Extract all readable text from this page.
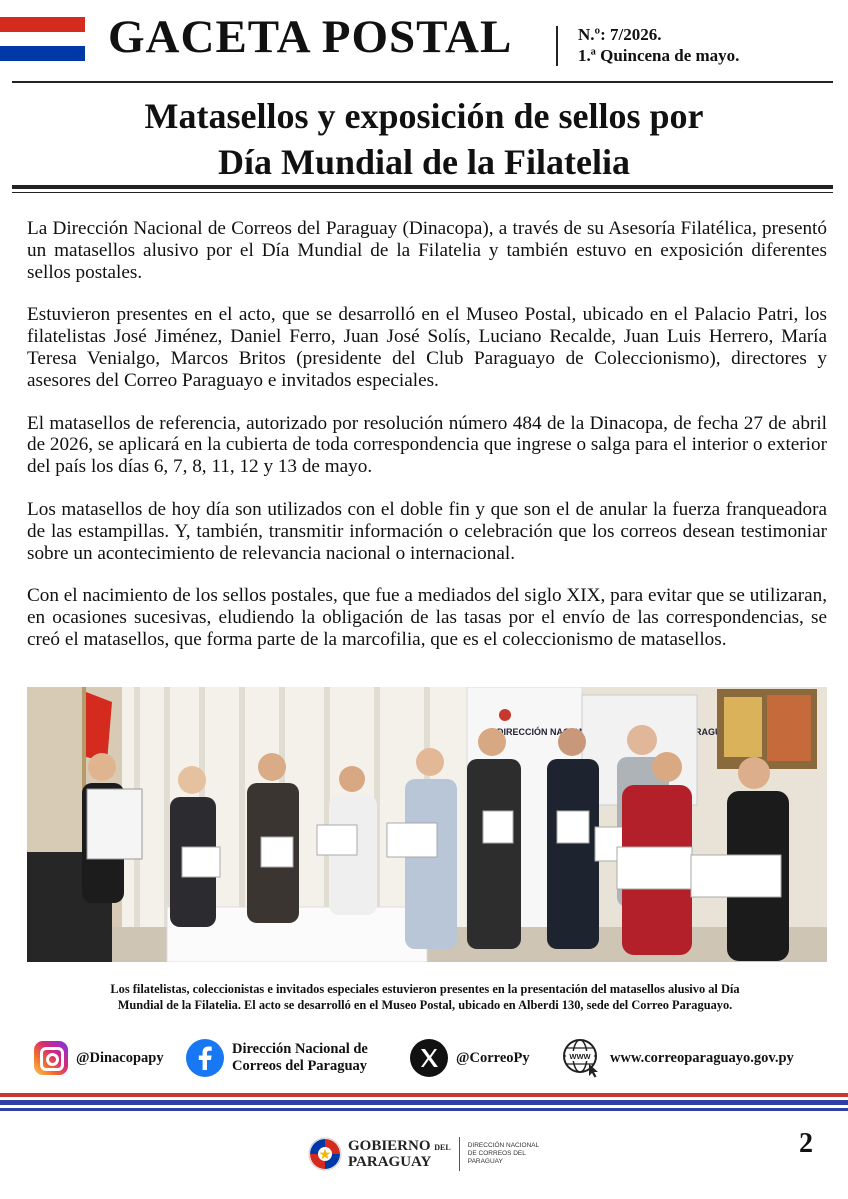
GACETA POSTAL	N.º: 7/2026.
1.ª Quincena de mayo.
Matasellos y exposición de sellos por
Día Mundial de la Filatelia

La Dirección Nacional de Correos del Paraguay (Dinacopa), a través de su Asesoría Filatélica, presentó un matasellos alusivo por el Día Mundial de la Filatelia y también estuvo en exposición diferentes sellos postales.

Estuvieron presentes en el acto, que se desarrolló en el Museo Postal, ubicado en el Palacio Patri, los filatelistas José Jiménez, Daniel Ferro, Juan José Solís, Luciano Recalde, Juan Luis Herrero, María Teresa Venialgo, Marcos Britos (presidente del Club Paraguayo de Coleccionismo), directores y asesores del Correo Paraguayo e invitados especiales.

El matasellos de referencia, autorizado por resolución número 484 de la Dinacopa, de fecha 27 de abril de 2026, se aplicará en la cubierta de toda correspondencia que ingrese o salga para el interior o exterior del país los días 6, 7, 8, 11, 12 y 13 de mayo.

Los matasellos de hoy día son utilizados con el doble fin y que son el de anular la fuerza franqueadora de las estampillas. Y, también, transmitir información o celebración que los correos desean testimoniar sobre un acontecimiento de relevancia nacional o internacional.

Con el nacimiento de los sellos postales, que fue a mediados del siglo XIX, para evitar que se utilizaran, en ocasiones sucesivas, eludiendo la obligación de las tasas por el envío de las correspondencias, se creó el matasellos, que forma parte de la marcofilia, que es el coleccionismo de matasellos.

DIRECCIÓN PARAGUAY
Los filatelistas, coleccionistas e invitados especiales estuvieron presentes en la presentación del matasellos alusivo al Día
Mundial de la Filatelia. El acto se desarrolló en el Museo Postal, ubicado en Alberdi 130, sede del Correo Paraguayo.
@Dinacopapy
Dirección Nacional de
Correos del Paraguay
@CorreoPy	WWW www.correoparaguayo.gov.py
GOBIERNO DEL
PARAGUAY
DIRECCIÓN NACIONAL
DE CORREOS DEL
PARAGUAY
2
